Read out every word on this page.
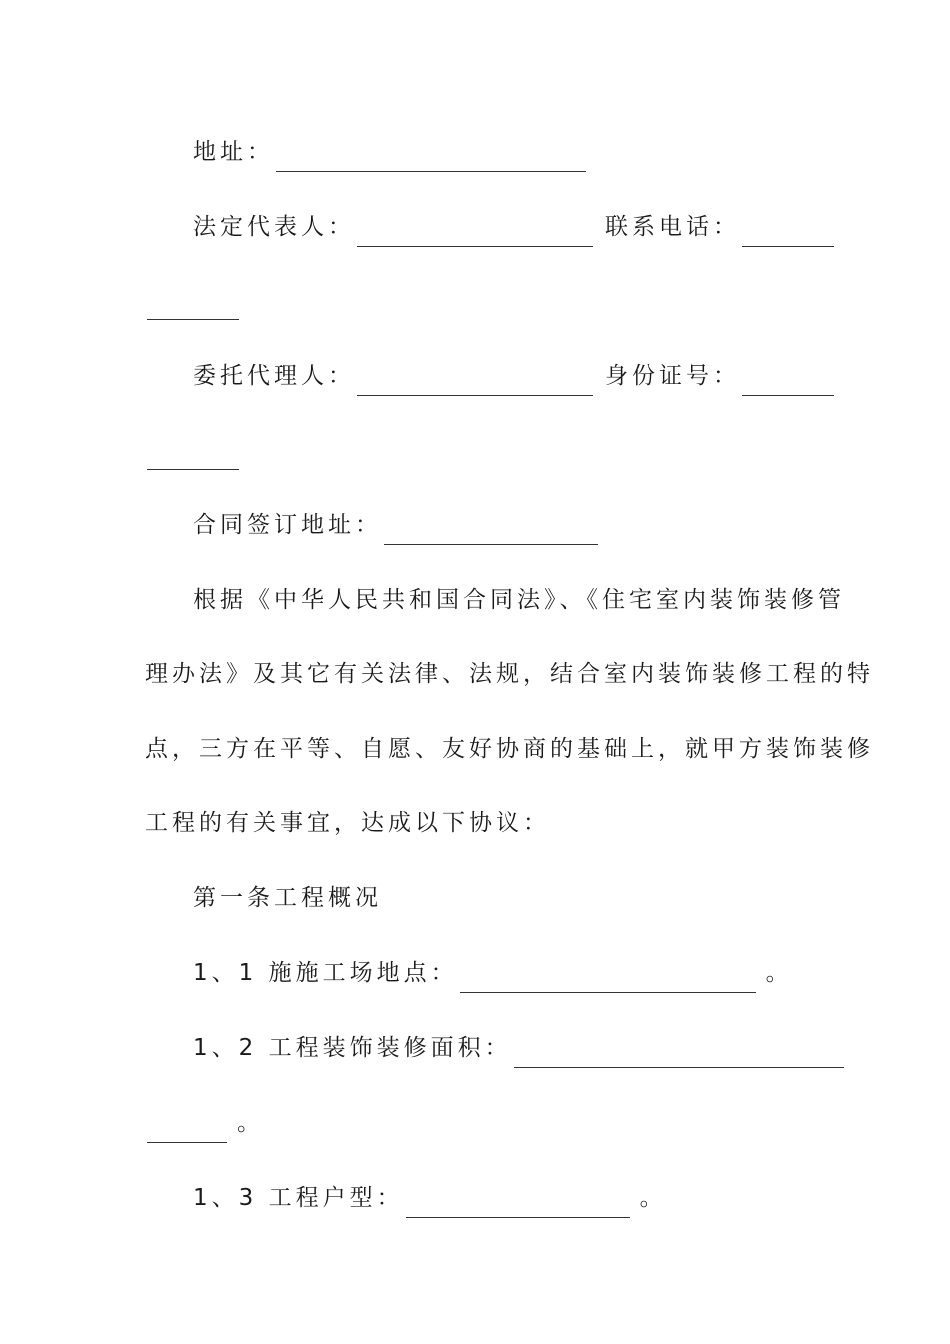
地址：
法定代表人：	联系电话：
委托代理人：	身份证号：
合同签订地址：
根据《中华人民共和国合同法》、《住宅室内装饰装修管
理办法》及其它有关法律、法规，结合室内装饰装修工程的特
点，三方在平等、自愿、友好协商的基础上，就甲方装饰装修
工程的有关事宜，达成以下协议：
第一条工程概况
1、1 施施工场地点：	。
1、2 工程装饰装修面积：
。
1、3 工程户型：	。
